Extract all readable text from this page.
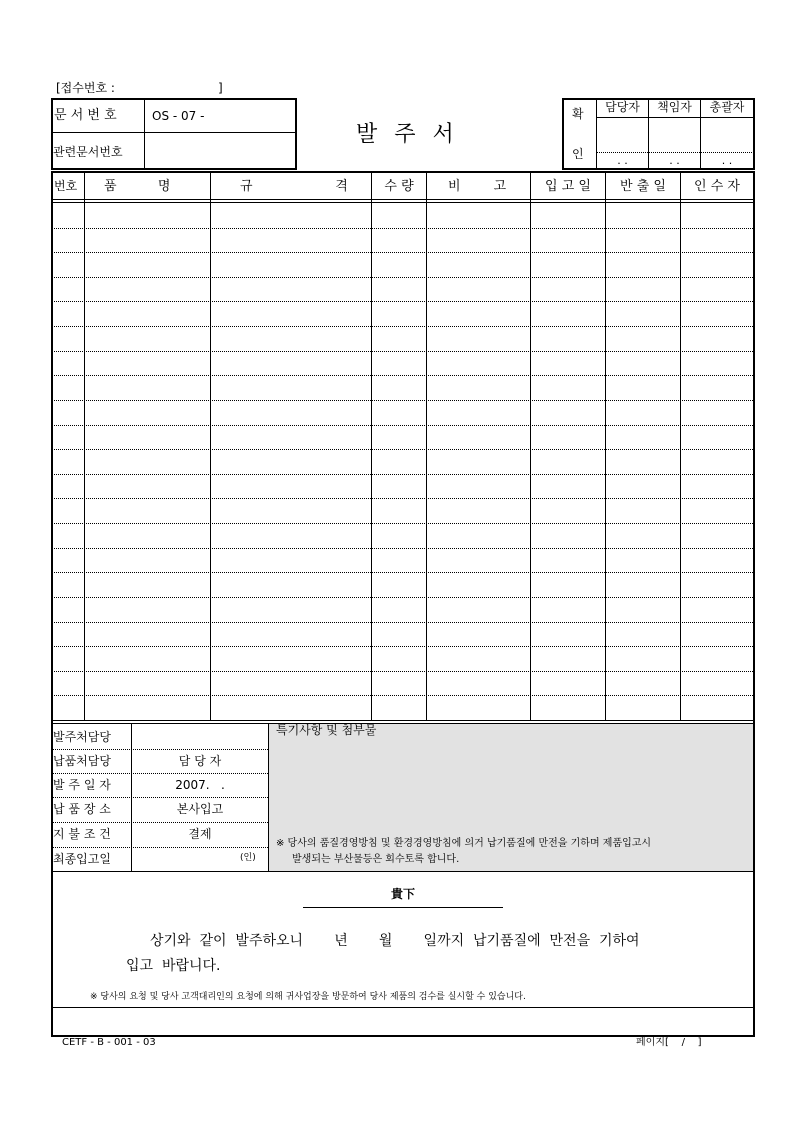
[접수번호 :	]
문 서 번 호	OS - 07 -
관련문서번호
발  주  서
확
인
담당자	책임자	총괄자
. .	. .	. .
번호 품          명	규                    격	수 량	비        고	입 고 일	반 출 일	인 수 자
발주처담당
납품처담당	담 당 자
발 주 일 자	2007.   .
납 품 장 소	본사입고
지 불 조 건	결제
최종입고일	(인)
특기사항 및 첨부물
※ 당사의 품질경영방침 및 환경경영방침에 의거 납기품질에 만전을 기하며 제품입고시
발생되는 부산물등은 회수토록 합니다.
貴下
상기와  같이  발주하오니       년       월       일까지  납기품질에  만전을  기하여
입고  바랍니다.
※ 당사의 요청 및 당사 고객대리인의 요청에 의해 귀사업장을 방문하여 당사 제품의 검수를 실시할 수 있습니다.
CETF - B - 001 - 03	페이지[    /    ]
